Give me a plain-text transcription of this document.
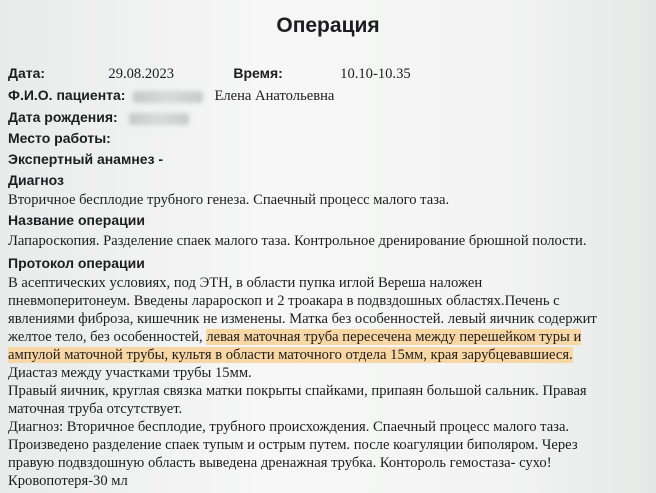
Операция
Дата:	29.08.2023	Время:	10.10-10.35
Ф.И.О. пациента:	Елена Анатольевна
Дата рождения:
Место работы:
Экспертный анамнез -
Диагноз
Вторичное бесплодие трубного генеза. Спаечный процесс малого таза.
Название операции
Лапароскопия. Разделение спаек малого таза. Контрольное дренирование брюшной полости.
Протокол операции
В асептических условиях, под ЭТН, в области пупка иглой Вереша наложен
пневмоперитонеум. Введены лараpоскоп и 2 троакара в подвздошных областях.Печень с
явлениями фиброза, кишечник не изменены. Матка без особенностей. левый яичник содержит
желтое тело, без особенностей, левая маточная труба пересечена между перешейком туры и
ампулой маточной трубы, культя в области маточного отдела 15мм, края зарубцевавшиеся.
Диастаз между участками трубы 15мм.
Правый яичник, круглая связка матки покрыты спайками, припаян большой сальник. Правая
маточная труба отсутствует.
Диагноз: Вторичное бесплодие, трубного происхождения. Спаечный процесс малого таза.
Произведено разделение спаек тупым и острым путем. после коагуляции биполяром. Через
правую подвздошную область выведена дренажная трубка. Конторoль гемостаза- сухо!
Кровопотеря-30 мл
